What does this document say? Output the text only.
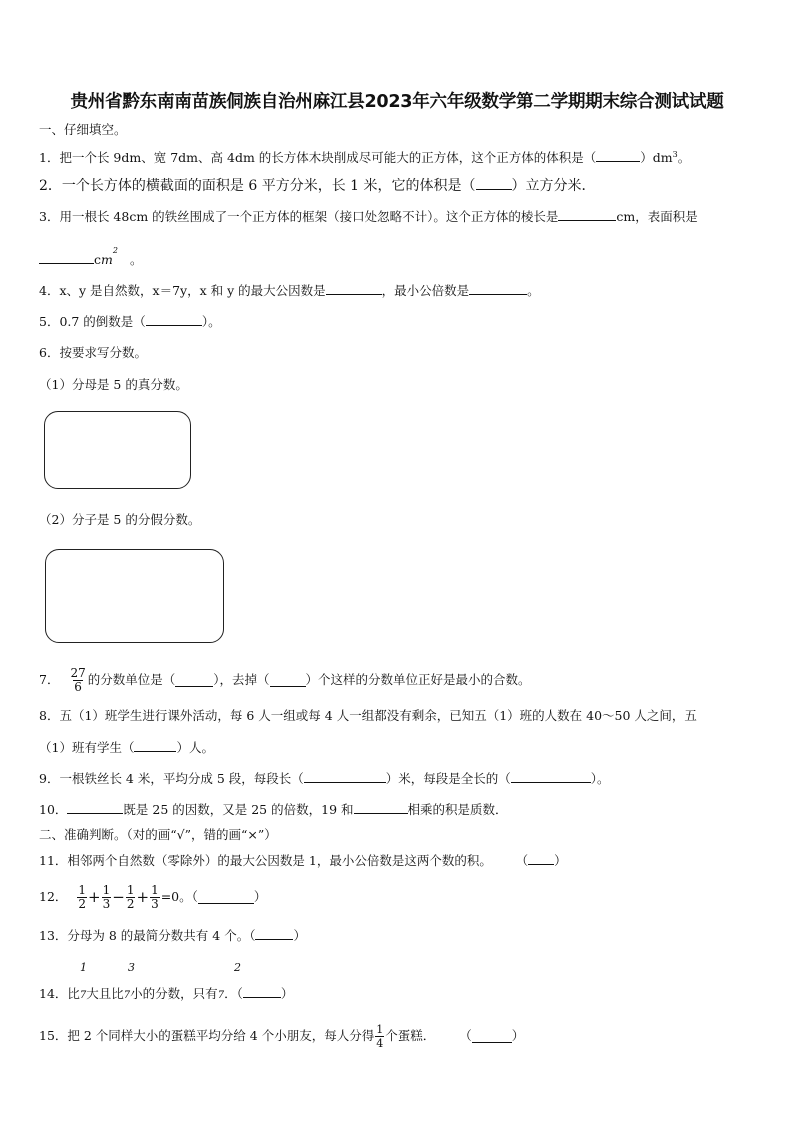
贵州省黔东南南苗族侗族自治州麻江县2023年六年级数学第二学期期末综合测试试题
一、仔细填空。
1．把一个长 9dm、宽 7dm、高 4dm 的长方体木块削成尽可能大的正方体，这个正方体的体积是（	）$dm^3$。
2．一个长方体的横截面的面积是 6 平方分米，长 1 米，它的体积是（	）立方分米．
3．用一根长 48cm 的铁丝围成了一个正方体的框架（接口处忽略不计）。这个正方体的棱长是	cm，表面积是
$cm^2$。
4．x、y 是自然数，x＝7y，x 和 y 的最大公因数是	，最小公倍数是	。
5．0.7 的倒数是（	）。
6．按要求写分数。
（1）分母是 5 的真分数。
（2）分子是 5 的分假分数。
7． $\frac{27}{6}$ 的分数单位是（	），去掉（	）个这样的分数单位正好是最小的合数。
8．五（1）班学生进行课外活动，每 6 人一组或每 4 人一组都没有剩余，已知五（1）班的人数在 40～50 人之间，五
（1）班有学生（	）人。
9．一根铁丝长 4 米，平均分成 5 段，每段长（	）米，每段是全长的（	）。
10．	既是 25 的因数，又是 25 的倍数，19 和	相乘的积是质数．
二、准确判断。（对的画“√”，错的画“×”）
11．相邻两个自然数（零除外）的最大公因数是 1，最小公倍数是这两个数的积。 （ ）
12． $\frac{1}{2} + \frac{1}{3} - \frac{1}{2} + \frac{1}{3} =0$。（	）
13．分母为 8 的最简分数共有 4 个。（	）
14．比7大且比7小的分数，只有7．（	）
1	3	2
15．把 2 个同样大小的蛋糕平均分给 4 个小朋友，每人分得 $\frac{1}{4}$ 个蛋糕． （	）
